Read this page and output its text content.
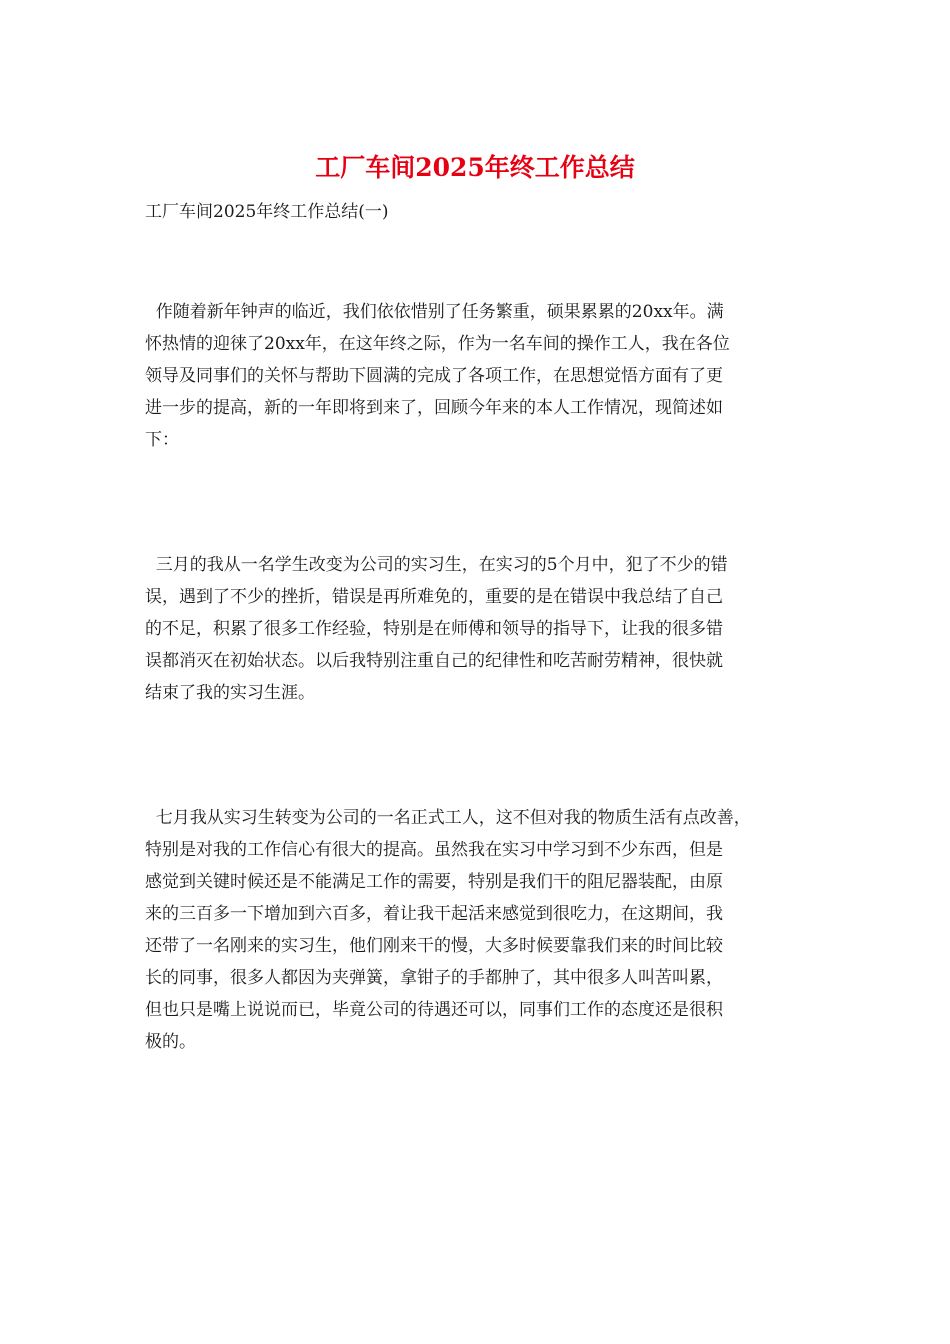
工厂车间2025年终工作总结

工厂车间2025年终工作总结(一)

作随着新年钟声的临近，我们依依惜别了任务繁重，硕果累累的20xx年。满
怀热情的迎徕了20xx年，在这年终之际，作为一名车间的操作工人，我在各位
领导及同事们的关怀与帮助下圆满的完成了各项工作，在思想觉悟方面有了更
进一步的提高，新的一年即将到来了，回顾今年来的本人工作情况，现简述如
下：
三月的我从一名学生改变为公司的实习生，在实习的5个月中，犯了不少的错
误，遇到了不少的挫折，错误是再所难免的，重要的是在错误中我总结了自己
的不足，积累了很多工作经验，特别是在师傅和领导的指导下，让我的很多错
误都消灭在初始状态。以后我特别注重自己的纪律性和吃苦耐劳精神，很快就
结束了我的实习生涯。
七月我从实习生转变为公司的一名正式工人，这不但对我的物质生活有点改善，
特别是对我的工作信心有很大的提高。虽然我在实习中学习到不少东西，但是
感觉到关键时候还是不能满足工作的需要，特别是我们干的阻尼器装配，由原
来的三百多一下增加到六百多，着让我干起活来感觉到很吃力，在这期间，我
还带了一名刚来的实习生，他们刚来干的慢，大多时候要靠我们来的时间比较
长的同事，很多人都因为夹弹簧，拿钳子的手都肿了，其中很多人叫苦叫累，
但也只是嘴上说说而已，毕竟公司的待遇还可以，同事们工作的态度还是很积
极的。
